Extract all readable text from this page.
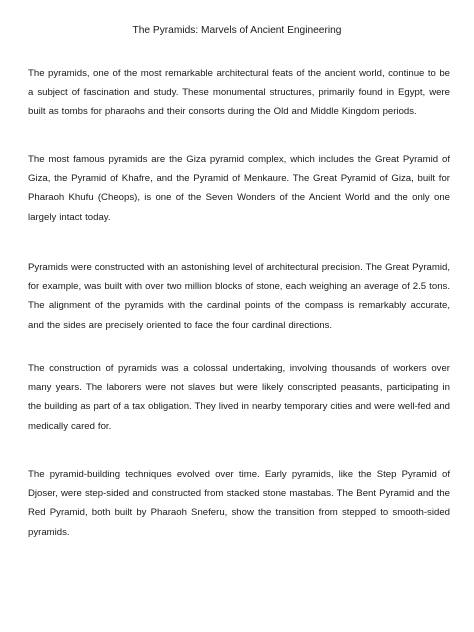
The Pyramids: Marvels of Ancient Engineering

The pyramids, one of the most remarkable architectural feats of the ancient world, continue to be a subject of fascination and study. These monumental structures, primarily found in Egypt, were built as tombs for pharaohs and their consorts during the Old and Middle Kingdom periods.

The most famous pyramids are the Giza pyramid complex, which includes the Great Pyramid of Giza, the Pyramid of Khafre, and the Pyramid of Menkaure. The Great Pyramid of Giza, built for Pharaoh Khufu (Cheops), is one of the Seven Wonders of the Ancient World and the only one largely intact today.

Pyramids were constructed with an astonishing level of architectural precision. The Great Pyramid, for example, was built with over two million blocks of stone, each weighing an average of 2.5 tons. The alignment of the pyramids with the cardinal points of the compass is remarkably accurate, and the sides are precisely oriented to face the four cardinal directions.

The construction of pyramids was a colossal undertaking, involving thousands of workers over many years. The laborers were not slaves but were likely conscripted peasants, participating in the building as part of a tax obligation. They lived in nearby temporary cities and were well-fed and medically cared for.

The pyramid-building techniques evolved over time. Early pyramids, like the Step Pyramid of Djoser, were step-sided and constructed from stacked stone mastabas. The Bent Pyramid and the Red Pyramid, both built by Pharaoh Sneferu, show the transition from stepped to smooth-sided pyramids.
